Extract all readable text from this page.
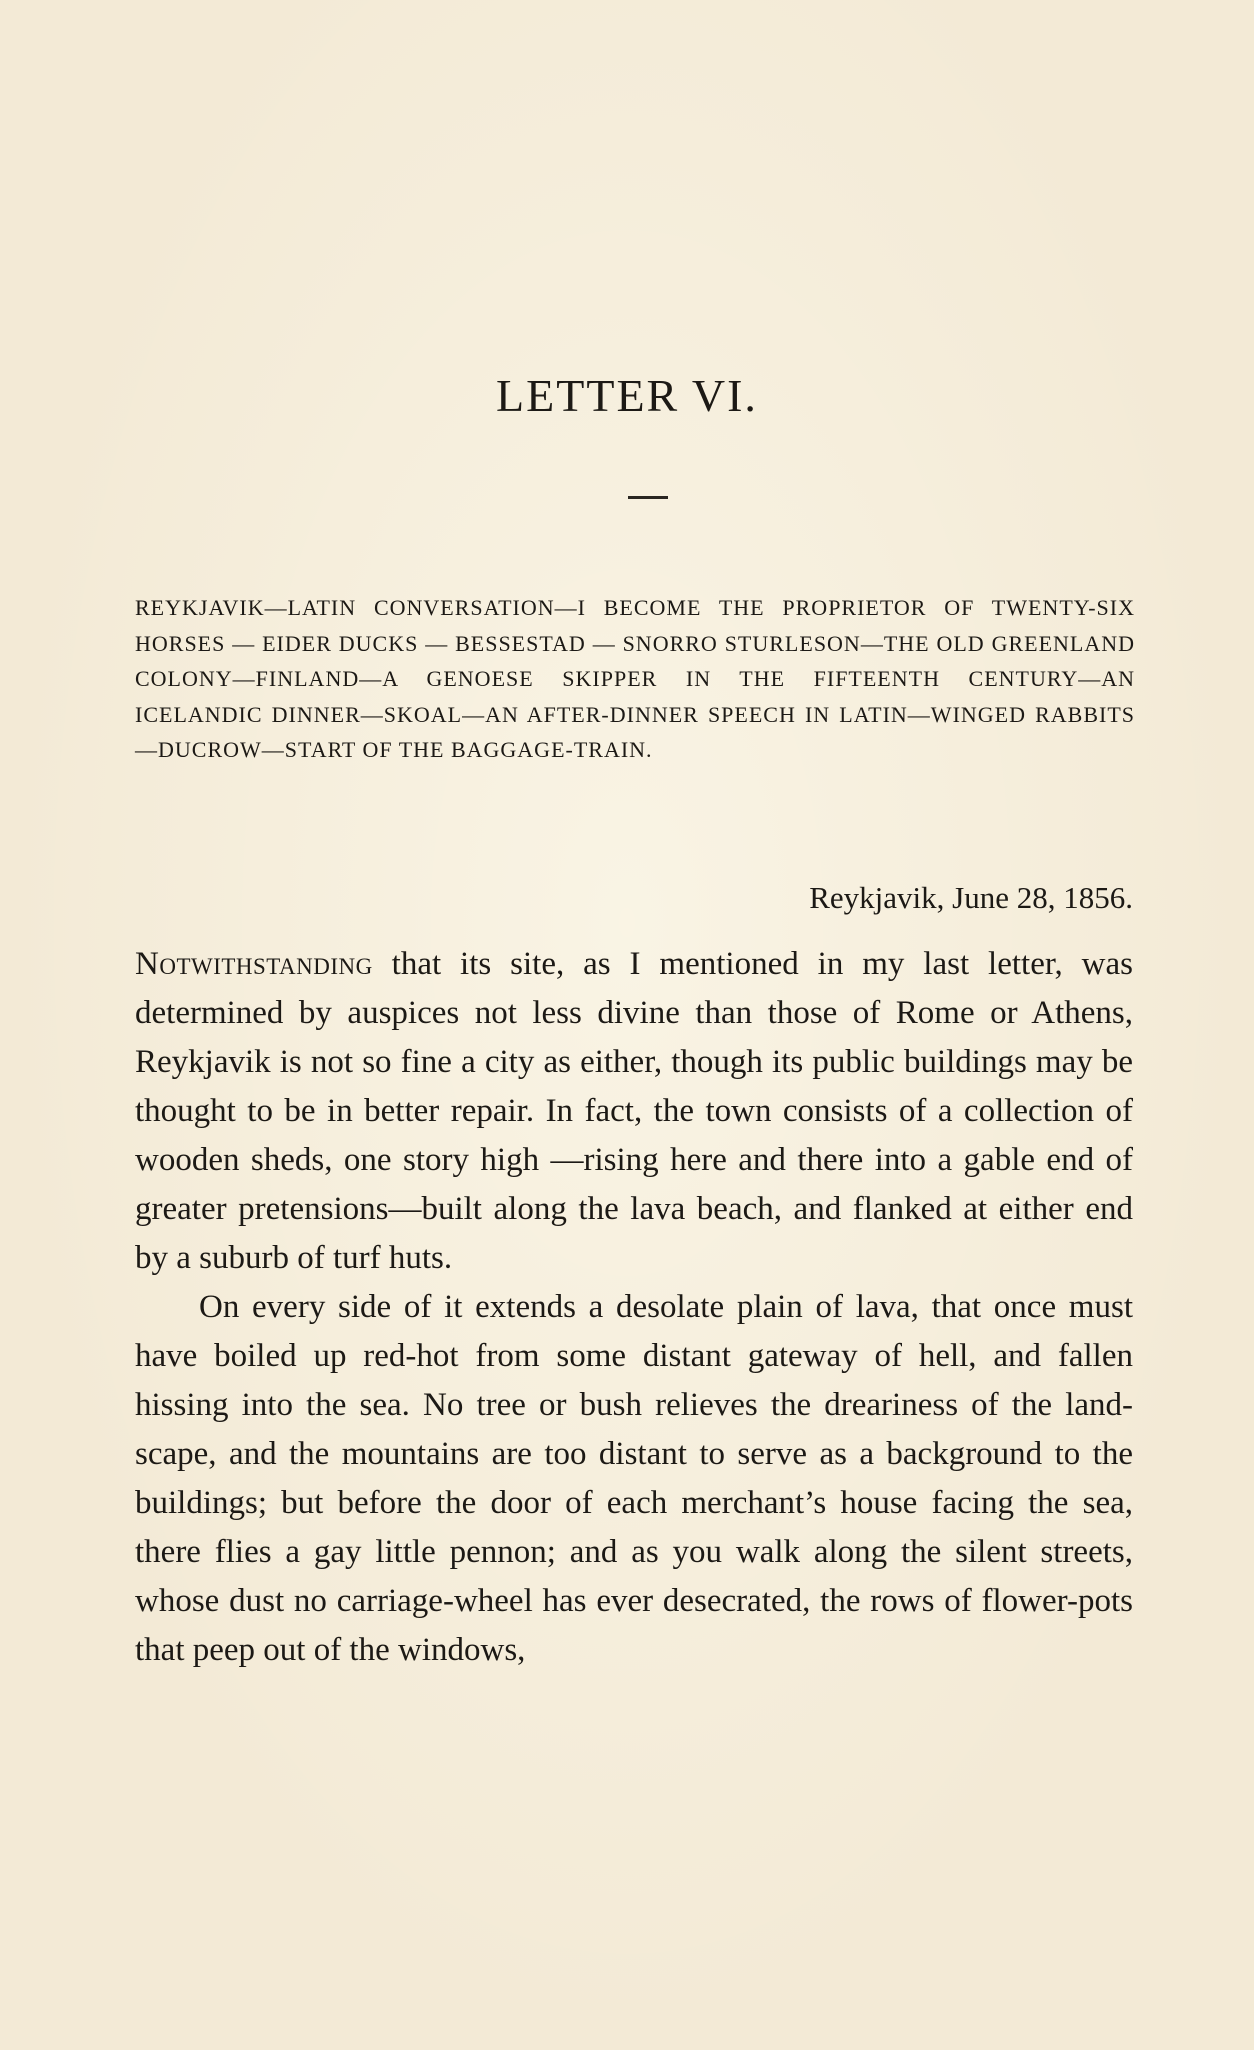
LETTER VI.

REYKJAVIK—LATIN CONVERSATION—I BECOME THE PROPRIETOR OF TWENTY-SIX HORSES — EIDER DUCKS — BESSESTAD — SNORRO STURLESON—THE OLD GREENLAND COLONY—FINLAND—A GENOESE SKIPPER IN THE FIFTEENTH CENTURY—AN ICELANDIC DINNER—SKOAL—AN AFTER-DINNER SPEECH IN LATIN—WINGED RABBITS—DUCROW—START OF THE BAGGAGE-TRAIN.

Reykjavik, June 28, 1856.

Notwithstanding that its site, as I mentioned in my last letter, was determined by auspices not less divine than those of Rome or Athens, Reykjavik is not so fine a city as either, though its public buildings may be thought to be in better repair. In fact, the town consists of a collection of wooden sheds, one story high —rising here and there into a gable end of greater pretensions—built along the lava beach, and flanked at either end by a suburb of turf huts.

On every side of it extends a desolate plain of lava, that once must have boiled up red-hot from some distant gateway of hell, and fallen hissing into the sea. No tree or bush relieves the dreariness of the land-scape, and the mountains are too distant to serve as a background to the buildings; but before the door of each merchant’s house facing the sea, there flies a gay little pennon; and as you walk along the silent streets, whose dust no carriage-wheel has ever desecrated, the rows of flower-pots that peep out of the windows,
